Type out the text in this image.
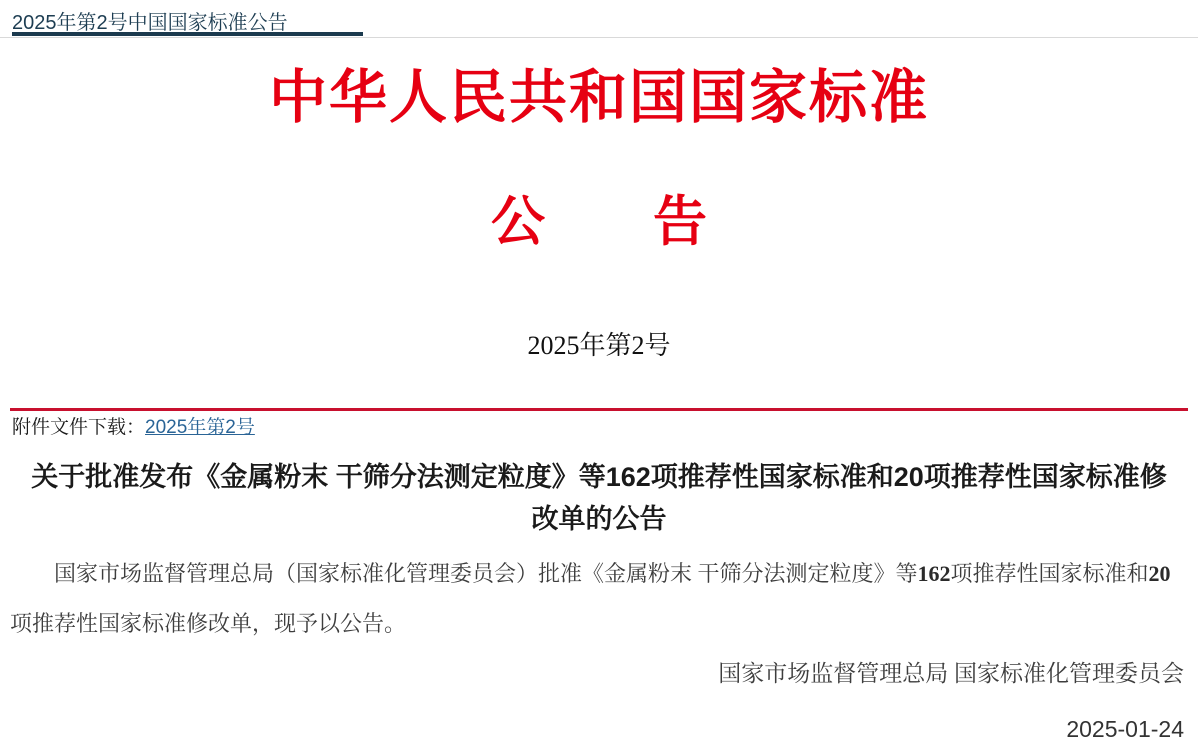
2025年第2号中国国家标准公告
中华人民共和国国家标准
公　　告
2025年第2号
附件文件下载：2025年第2号
关于批准发布《金属粉末 干筛分法测定粒度》等162项推荐性国家标准和20项推荐性国家标准修改单的公告
国家市场监督管理总局（国家标准化管理委员会）批准《金属粉末 干筛分法测定粒度》等162项推荐性国家标准和20项推荐性国家标准修改单，现予以公告。
国家市场监督管理总局 国家标准化管理委员会
2025-01-24
